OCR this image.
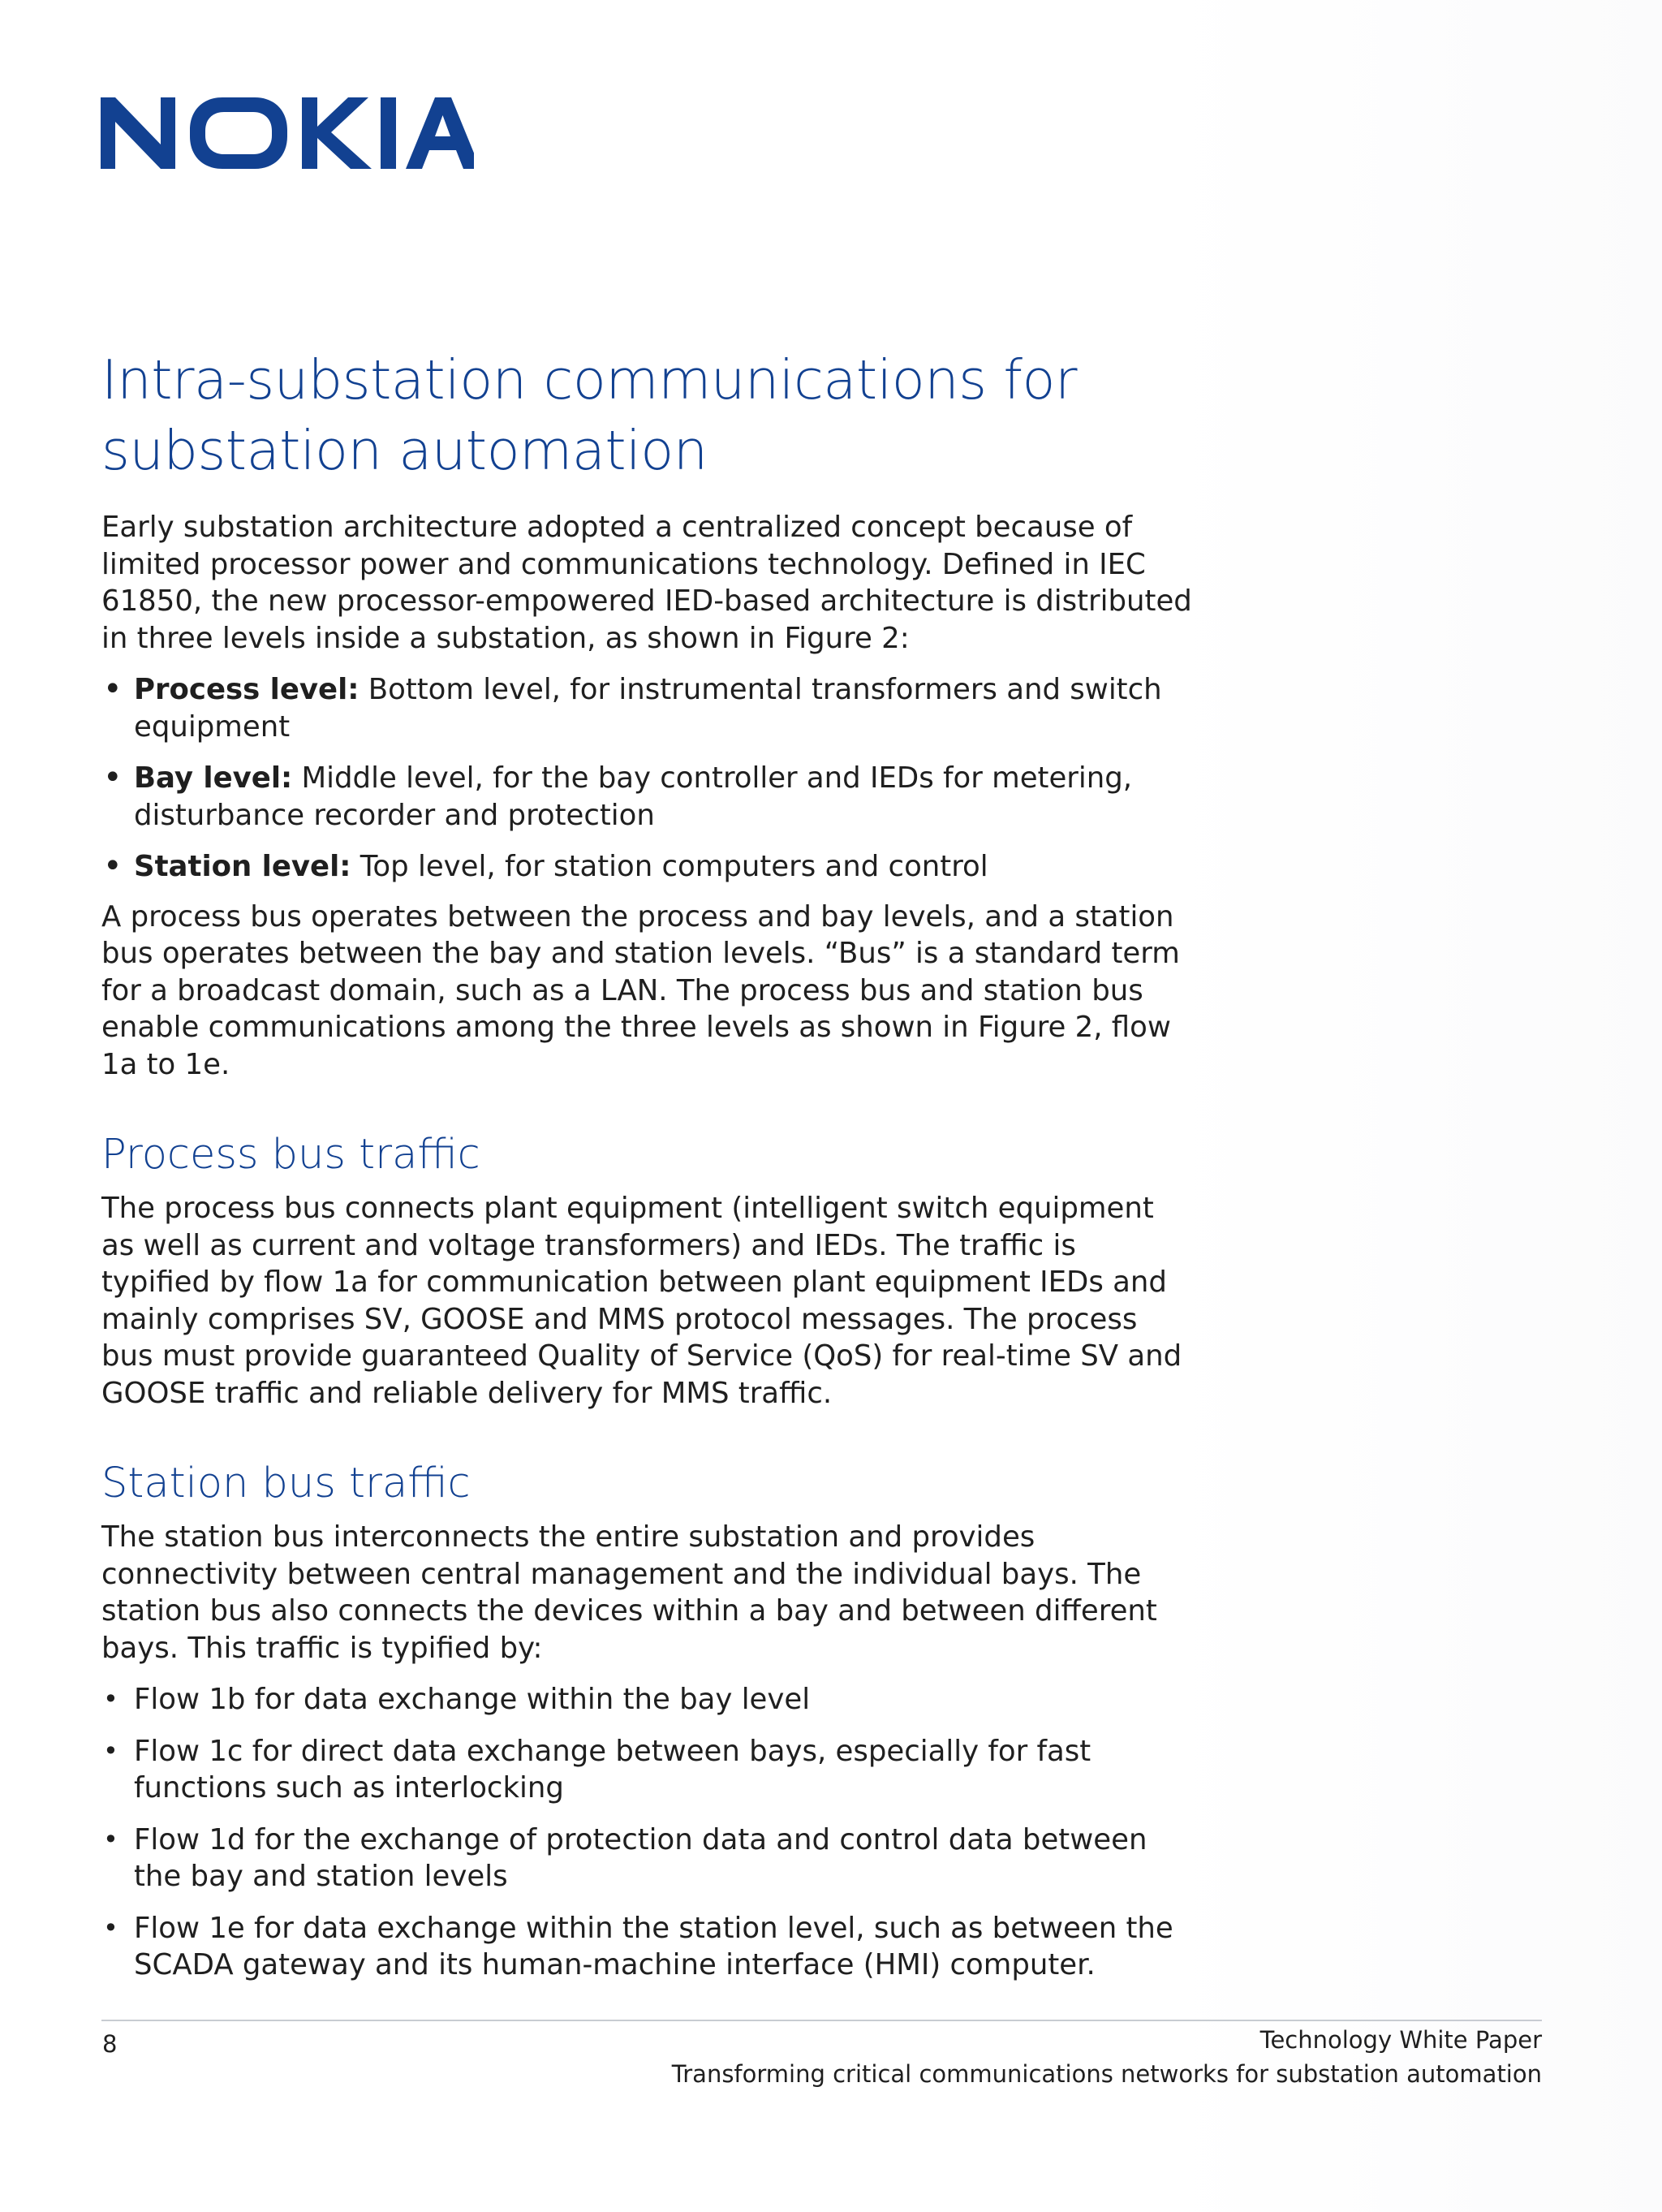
Intra-substation communications for
substation automation

Early substation architecture adopted a centralized concept because of limited processor power and communications technology. Defined in IEC 61850, the new processor-empowered IED-based architecture is distributed in three levels inside a substation, as shown in Figure 2:

• Process level: Bottom level, for instrumental transformers and switch equipment
• Bay level: Middle level, for the bay controller and IEDs for metering, disturbance recorder and protection
• Station level: Top level, for station computers and control

A process bus operates between the process and bay levels, and a station bus operates between the bay and station levels. “Bus” is a standard term for a broadcast domain, such as a LAN. The process bus and station bus enable communications among the three levels as shown in Figure 2, flow 1a to 1e.

Process bus traffic

The process bus connects plant equipment (intelligent switch equipment as well as current and voltage transformers) and IEDs. The traffic is typified by flow 1a for communication between plant equipment IEDs and mainly comprises SV, GOOSE and MMS protocol messages. The process bus must provide guaranteed Quality of Service (QoS) for real-time SV and GOOSE traffic and reliable delivery for MMS traffic.

Station bus traffic

The station bus interconnects the entire substation and provides connectivity between central management and the individual bays. The station bus also connects the devices within a bay and between different bays. This traffic is typified by:

• Flow 1b for data exchange within the bay level
• Flow 1c for direct data exchange between bays, especially for fast functions such as interlocking
• Flow 1d for the exchange of protection data and control data between the bay and station levels
• Flow 1e for data exchange within the station level, such as between the SCADA gateway and its human-machine interface (HMI) computer.
8	Technology White Paper
Transforming critical communications networks for substation automation
